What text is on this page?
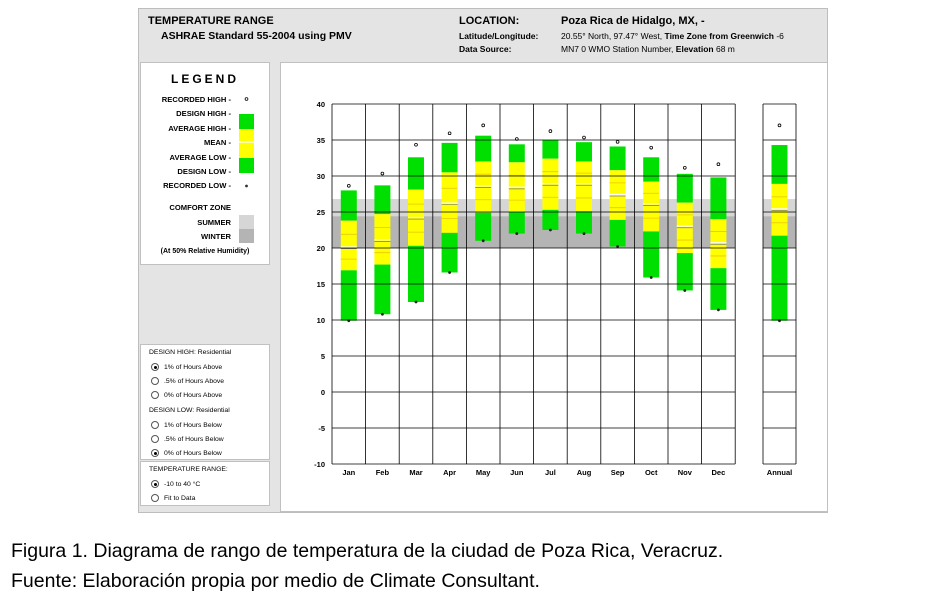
TEMPERATURE RANGE
ASHRAE Standard 55-2004 using PMV
LOCATION:	Poza Rica de Hidalgo, MX, -
Latitude/Longitude:	20.55° North, 97.47° West, Time Zone from Greenwich -6
Data Source:	MN7 0 WMO Station Number, Elevation 68 m
LEGEND
RECORDED HIGH -
DESIGN HIGH -
AVERAGE HIGH -
MEAN -
AVERAGE LOW -
DESIGN LOW -
RECORDED LOW -
COMFORT ZONE
SUMMER
WINTER
(At 50% Relative Humidity)
DESIGN HIGH: Residential
1% of Hours Above
.5% of Hours Above
0% of Hours Above
DESIGN LOW: Residential
1% of Hours Below
.5% of Hours Below
0% of Hours Below
TEMPERATURE RANGE:
-10 to 40 °C
Fit to Data
40
35
30
25
20
15
10
5
0
-5
-10
Jan	Feb	Mar	Apr	May	Jun	Jul	Aug	Sep	Oct	Nov	Dec	Annual
Figura 1. Diagrama de rango de temperatura de la ciudad de Poza Rica, Veracruz.
Fuente: Elaboración propia por medio de Climate Consultant.
